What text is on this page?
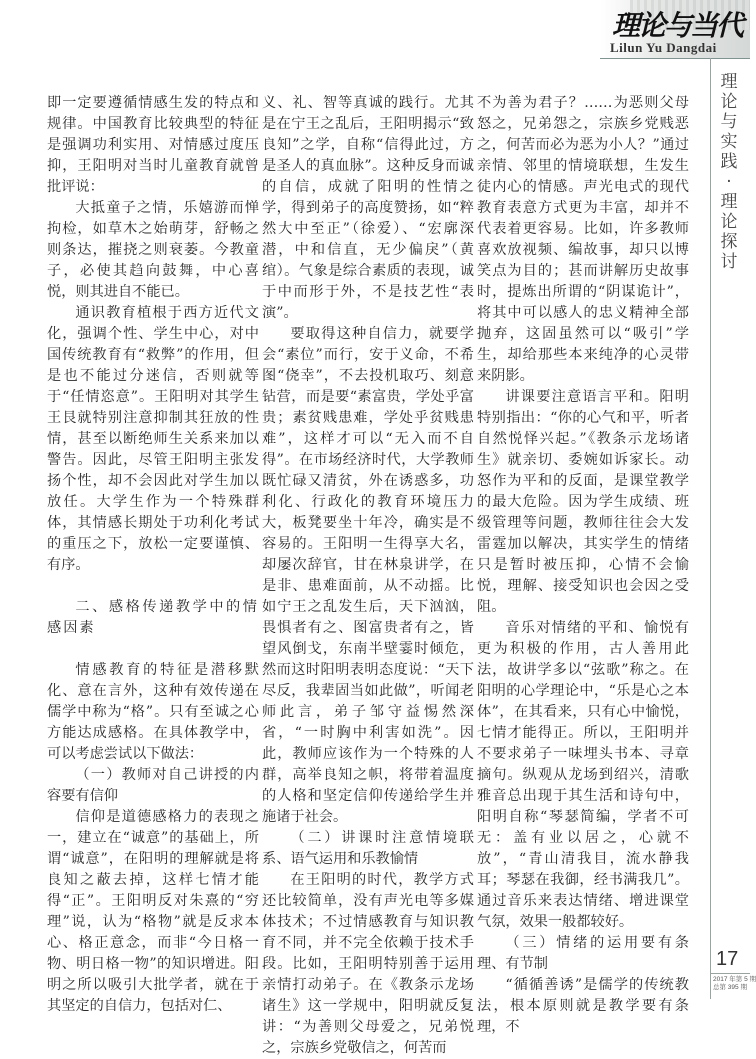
理论与当代
Lilun Yu Dangdai
理
论
与
实
践
·
理
论
探
讨
17
2017 年第 5 期
总第 395 期

即一定要遵循情感生发的特点和规律。中国教育比较典型的特征是强调功利实用、对情感过度压抑，王阳明对当时儿童教育就曾批评说：

大抵童子之情，乐嬉游而惮拘检，如草木之始萌芽，舒畅之则条达，摧挠之则衰萎。今教童子，必使其趋向鼓舞，中心喜悦，则其进自不能已。

通识教育植根于西方近代文化，强调个性、学生中心，对中国传统教育有“救弊”的作用，但是也不能过分迷信，否则就等于“任情恣意”。王阳明对其学生王艮就特别注意抑制其狂放的性情，甚至以断绝师生关系来加以警告。因此，尽管王阳明主张发扬个性，却不会因此对学生加以放任。大学生作为一个特殊群体，其情感长期处于功利化考试的重压之下，放松一定要谨慎、有序。

二、感格传递教学中的情感因素

情感教育的特征是潜移默化、意在言外，这种有效传递在儒学中称为“格”。只有至诚之心方能达成感格。在具体教学中，可以考虑尝试以下做法：

（一）教师对自己讲授的内容要有信仰

信仰是道德感格力的表现之一，建立在“诚意”的基础上，所谓“诚意”，在阳明的理解就是将良知之蔽去掉，这样七情才能得“正”。王阳明反对朱熹的“穷理”说，认为“格物”就是反求本心、格正意念，而非“今日格一物、明日格一物”的知识增进。阳明之所以吸引大批学者，就在于其坚定的自信力，包括对仁、

义、礼、智等真诚的践行。尤其是在宁王之乱后，王阳明揭示“致良知”之学，自称“信得此过，方是圣人的真血脉”。这种反身而诚的自信，成就了阳明的性情之学，得到弟子的高度赞扬，如“粹然大中至正”（徐爱）、“宏廓深潜，中和信直，无少偏戾”（黄绾）。气象是综合素质的表现，诚于中而形于外，不是技艺性“表演”。

要取得这种自信力，就要学会“素位”而行，安于义命，不希图“侥幸”，不去投机取巧、刻意钻营，而是要“素富贵，学处乎富贵；素贫贱患难，学处乎贫贱患难”，这样才可以“无入而不自得”。在市场经济时代，大学教师既忙碌又清贫，外在诱惑多，功利化、行政化的教育环境压力大，板凳要坐十年冷，确实是不容易的。王阳明一生得享大名，却屡次辞官，甘在林泉讲学，在是非、患难面前，从不动摇。比如宁王之乱发生后，天下汹汹，畏惧者有之、图富贵者有之，皆望风倒戈，东南半壁霎时倾危，然而这时阳明表明态度说：“天下尽反，我辈固当如此做”，听闻老师此言，弟子邹守益惕然深省，“一时胸中利害如洗”。因此，教师应该作为一个特殊的人群，高举良知之帜，将带着温度的人格和坚定信仰传递给学生并施诸于社会。

（二）讲课时注意情境联系、语气运用和乐教愉情

在王阳明的时代，教学方式还比较简单，没有声光电等多媒体技术；不过情感教育与知识教育不同，并不完全依赖于技术手段。比如，王阳明特别善于运用亲情打动弟子。在《教条示龙场诸生》这一学规中，阳明就反复讲：“为善则父母爱之，兄弟悦之，宗族乡党敬信之，何苦而

不为善为君子？……为恶则父母怒之，兄弟怨之，宗族乡党贱恶之，何苦而必为恶为小人？”通过亲情、邻里的情境联想，生发生徒内心的情感。声光电式的现代教育表意方式更为丰富，却并不代表着更容易。比如，许多教师喜欢放视频、编故事，却只以博笑点为目的；甚而讲解历史故事时，提炼出所谓的“阴谋诡计”，将其中可以感人的忠义精神全部抛弃，这固虽然可以“吸引”学生，却给那些本来纯净的心灵带来阴影。

讲课要注意语言平和。阳明特别指出：“你的心气和平，听者自然悦怿兴起。”《教条示龙场诸生》就亲切、委婉如诉家长。动怒作为平和的反面，是课堂教学的最大危险。因为学生成绩、班级管理等问题，教师往往会大发雷霆加以解决，其实学生的情绪只是暂时被压抑，心情不会愉悦，理解、接受知识也会因之受阻。

音乐对情绪的平和、愉悦有更为积极的作用，古人善用此法，故讲学多以“弦歌”称之。在阳明的心学理论中，“乐是心之本体”，在其看来，只有心中愉悦，七情才能得正。所以，王阳明并不要求弟子一味埋头书本、寻章摘句。纵观从龙场到绍兴，清歌雅音总出现于其生活和诗句中，阳明自称“琴瑟简编，学者不可无：盖有业以居之，心就不放”，“青山清我目，流水静我耳；琴瑟在我御，经书满我几”。通过音乐来表达情绪、增进课堂气氛，效果一般都较好。

（三）情绪的运用要有条理、有节制

“循循善诱”是儒学的传统教法，根本原则就是教学要有条理，不
